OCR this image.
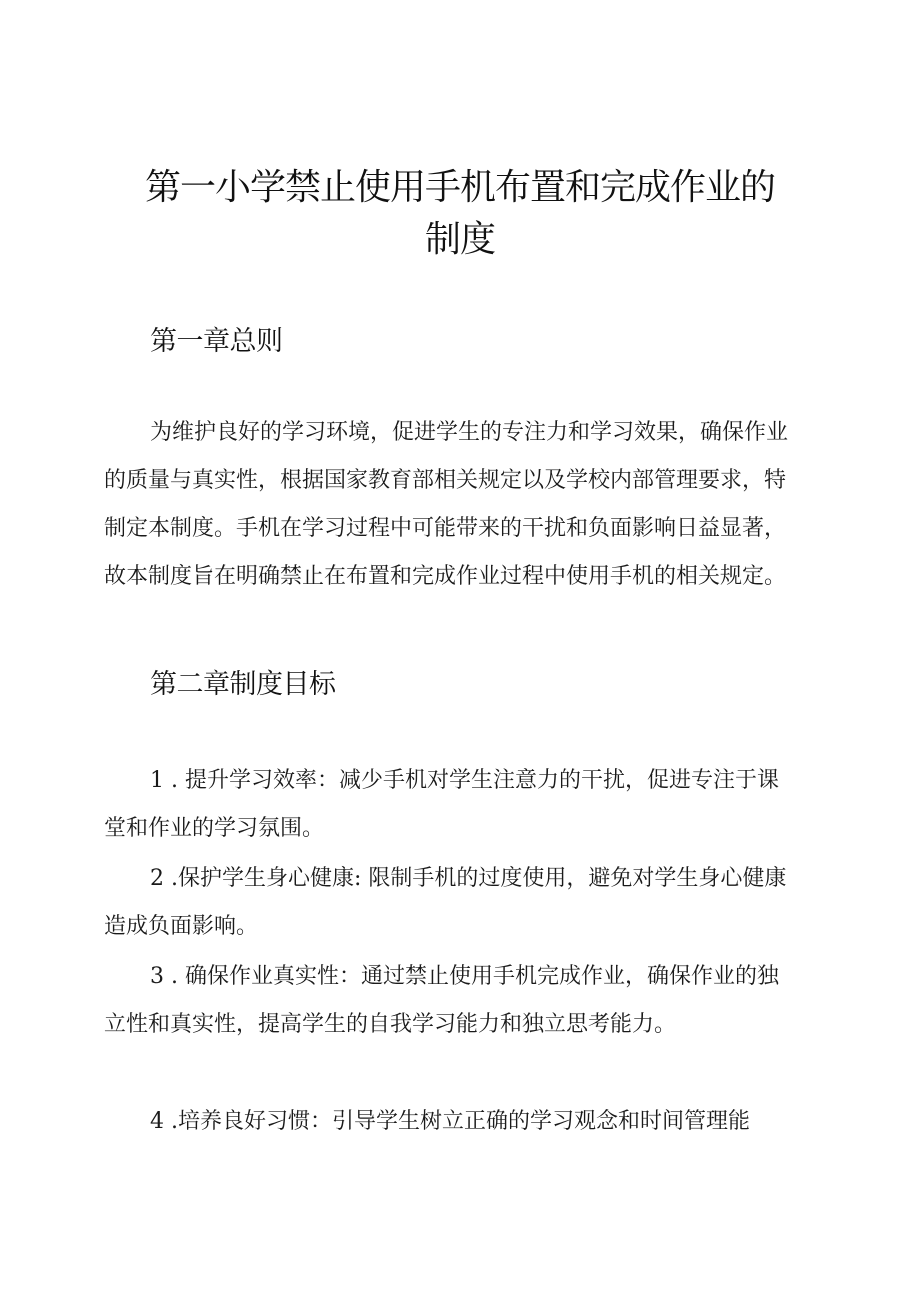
第一小学禁止使用手机布置和完成作业的
制度
第一章总则
为维护良好的学习环境，促进学生的专注力和学习效果，确保作业
的质量与真实性，根据国家教育部相关规定以及学校内部管理要求，特
制定本制度。手机在学习过程中可能带来的干扰和负面影响日益显著，
故本制度旨在明确禁止在布置和完成作业过程中使用手机的相关规定。
第二章制度目标
1 . 提升学习效率：减少手机对学生注意力的干扰，促进专注于课
堂和作业的学习氛围。
2 .保护学生身心健康: 限制手机的过度使用，避免对学生身心健康
造成负面影响。
3 . 确保作业真实性：通过禁止使用手机完成作业，确保作业的独
立性和真实性，提高学生的自我学习能力和独立思考能力。
4 .培养良好习惯：引导学生树立正确的学习观念和时间管理能
